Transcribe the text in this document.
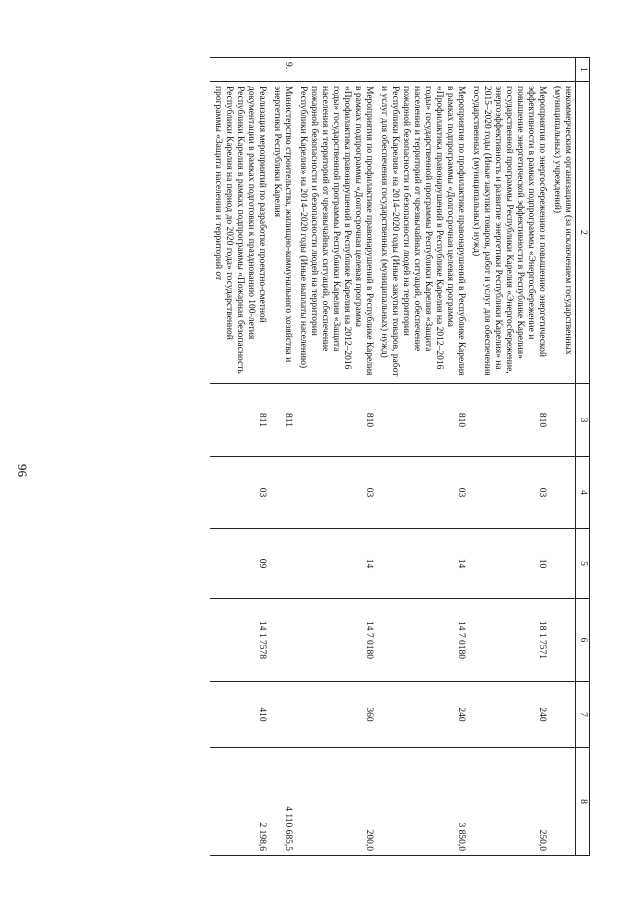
96
1	2	3	4	5	6	7	8
	некоммерческим организациям (за исключением государственных (муниципальных) учреждений)						
	Мероприятия по энергосбережению и повышению энергетической эффективности в рамках подпрограммы «Энергосбережение и повышение энергетической эффективности в Республике Карелия» государственной программы Республики Карелия «Энергосбережение, энергоэффективность и развитие энергетики Республики Карелия» на 2015–2020 годы (Иные закупки товаров, работ и услуг для обеспечения государственных (муниципальных) нужд)	810	03	10	18 1 7571	240	250,0
	Мероприятия по профилактике правонарушений в Республике Карелия в рамках подпрограммы «Долгосрочная целевая программа «Профилактика правонарушений в Республике Карелия на 2012–2016 годы» государственной программы Республики Карелия «Защита населения и территорий от чрезвычайных ситуаций, обеспечение пожарной безопасности и безопасности людей на территории Республики Карелия» на 2014–2020 годы (Иные закупки товаров, работ и услуг для обеспечения государственных (муниципальных) нужд)	810	03	14	14 7 0180	240	3 850,0
	Мероприятия по профилактике правонарушений в Республике Карелия в рамках подпрограммы «Долгосрочная целевая программа «Профилактика правонарушений в Республике Карелия на 2012–2016 годы» государственной программы Республики Карелия «Защита населения и территорий от чрезвычайных ситуаций, обеспечение пожарной безопасности и безопасности людей на территории Республики Карелия» на 2014–2020 годы (Иные выплаты населению)	810	03	14	14 7 0180	360	200,0
9.	Министерство строительства, жилищно-коммунального хозяйства и энергетики Республики Карелия	811					4 110 685,5
	Реализация мероприятий по разработке проектно-сметной документации в рамках подготовки к празднованию 100-летия Республики Карелия в рамках подпрограммы «Пожарная безопасность Республики Карелия на период до 2020 года» государственной программы «Защита населения и территорий от	811	03	09	14 1 7578	410	2 198,6
